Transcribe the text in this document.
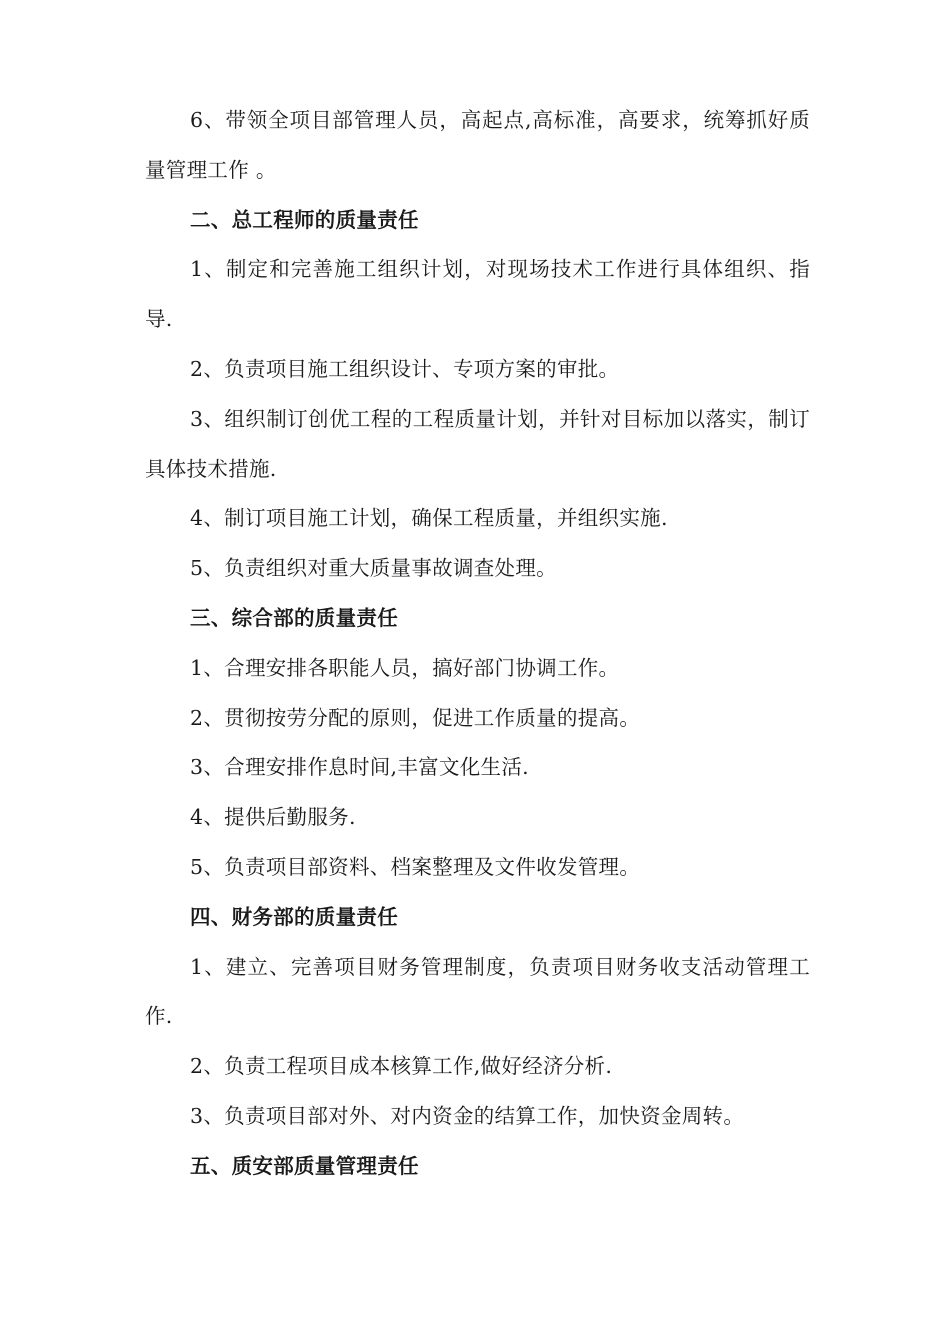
6、带领全项目部管理人员，高起点,高标准，高要求，统筹抓好质量管理工作 。

二、总工程师的质量责任

1、制定和完善施工组织计划，对现场技术工作进行具体组织、指导.

2、负责项目施工组织设计、专项方案的审批。

3、组织制订创优工程的工程质量计划，并针对目标加以落实，制订具体技术措施.

4、制订项目施工计划，确保工程质量，并组织实施.

5、负责组织对重大质量事故调查处理。

三、综合部的质量责任

1、合理安排各职能人员，搞好部门协调工作。

2、贯彻按劳分配的原则，促进工作质量的提高。

3、合理安排作息时间,丰富文化生活.

4、提供后勤服务.

5、负责项目部资料、档案整理及文件收发管理。

四、财务部的质量责任

1、建立、完善项目财务管理制度，负责项目财务收支活动管理工作.

2、负责工程项目成本核算工作,做好经济分析.

3、负责项目部对外、对内资金的结算工作，加快资金周转。

五、质安部质量管理责任
